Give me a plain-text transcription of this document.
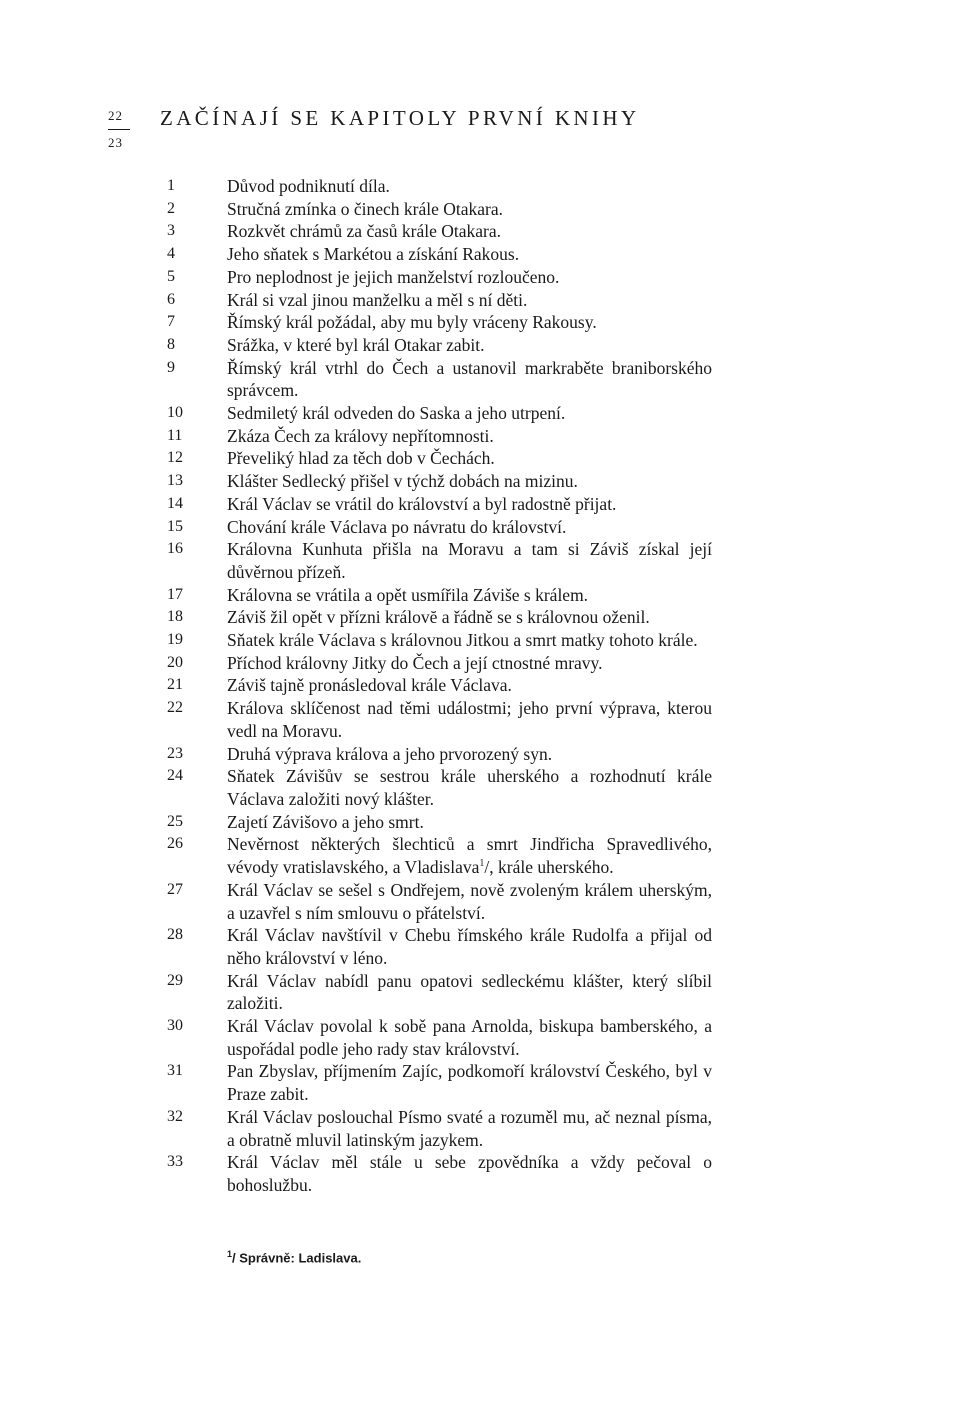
22
23
ZAČÍNAJÍ SE KAPITOLY PRVNÍ KNIHY
1	Důvod podniknutí díla.
2	Stručná zmínka o činech krále Otakara.
3	Rozkvět chrámů za časů krále Otakara.
4	Jeho sňatek s Markétou a získání Rakous.
5	Pro neplodnost je jejich manželství rozloučeno.
6	Král si vzal jinou manželku a měl s ní děti.
7	Římský král požádal, aby mu byly vráceny Rakousy.
8	Srážka, v které byl král Otakar zabit.
9	Římský král vtrhl do Čech a ustanovil markraběte braniborského správcem.
10	Sedmiletý král odveden do Saska a jeho utrpení.
11	Zkáza Čech za královy nepřítomnosti.
12	Převeliký hlad za těch dob v Čechách.
13	Klášter Sedlecký přišel v týchž dobách na mizinu.
14	Král Václav se vrátil do království a byl radostně přijat.
15	Chování krále Václava po návratu do království.
16	Královna Kunhuta přišla na Moravu a tam si Záviš získal její důvěrnou přízeň.
17	Královna se vrátila a opět usmířila Záviše s králem.
18	Záviš žil opět v přízni královĕ a řádně se s královnou oženil.
19	Sňatek krále Václava s královnou Jitkou a smrt matky tohoto krále.
20	Příchod královny Jitky do Čech a její ctnostné mravy.
21	Záviš tajně pronásledoval krále Václava.
22	Králova sklíčenost nad těmi událostmi; jeho první výprava, kterou vedl na Moravu.
23	Druhá výprava králova a jeho prvorozený syn.
24	Sňatek Závišův se sestrou krále uherského a rozhodnutí krále Václava založiti nový klášter.
25	Zajetí Závišovo a jeho smrt.
26	Nevěrnost některých šlechticů a smrt Jindřicha Spravedlivého, vévody vratislavského, a Vladislava$^1$/, krále uherského.
27	Král Václav se sešel s Ondřejem, nově zvoleným králem uherským, a uzavřel s ním smlouvu o přátelství.
28	Král Václav navštívil v Chebu římského krále Rudolfa a přijal od něho království v léno.
29	Král Václav nabídl panu opatovi sedleckému klášter, který slíbil založiti.
30	Král Václav povolal k sobě pana Arnolda, biskupa bamberského, a uspořádal podle jeho rady stav království.
31	Pan Zbyslav, příjmením Zajíc, podkomoří království Českého, byl v Praze zabit.
32	Král Václav poslouchal Písmo svaté a rozuměl mu, ač neznal písma, a obratně mluvil latinským jazykem.
33	Král Václav měl stále u sebe zpovědníka a vždy pečoval o bohoslužbu.
$^1$/ Správně: Ladislava.
